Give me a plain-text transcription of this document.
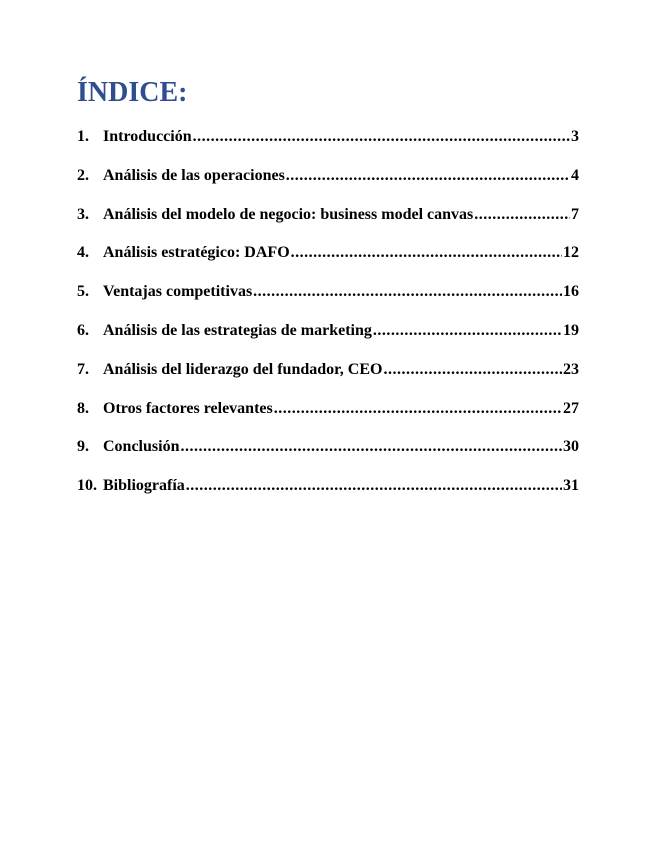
ÍNDICE:
1. Introducción .....	3
2. Análisis de las operaciones .....	4
3. Análisis del modelo de negocio: business model canvas .....	7
4. Análisis estratégico: DAFO .....	12
5. Ventajas competitivas .....	16
6. Análisis de las estrategias de marketing .....	19
7. Análisis del liderazgo del fundador, CEO .....	23
8. Otros factores relevantes .....	27
9. Conclusión .....	30
10. Bibliografía .....	31
